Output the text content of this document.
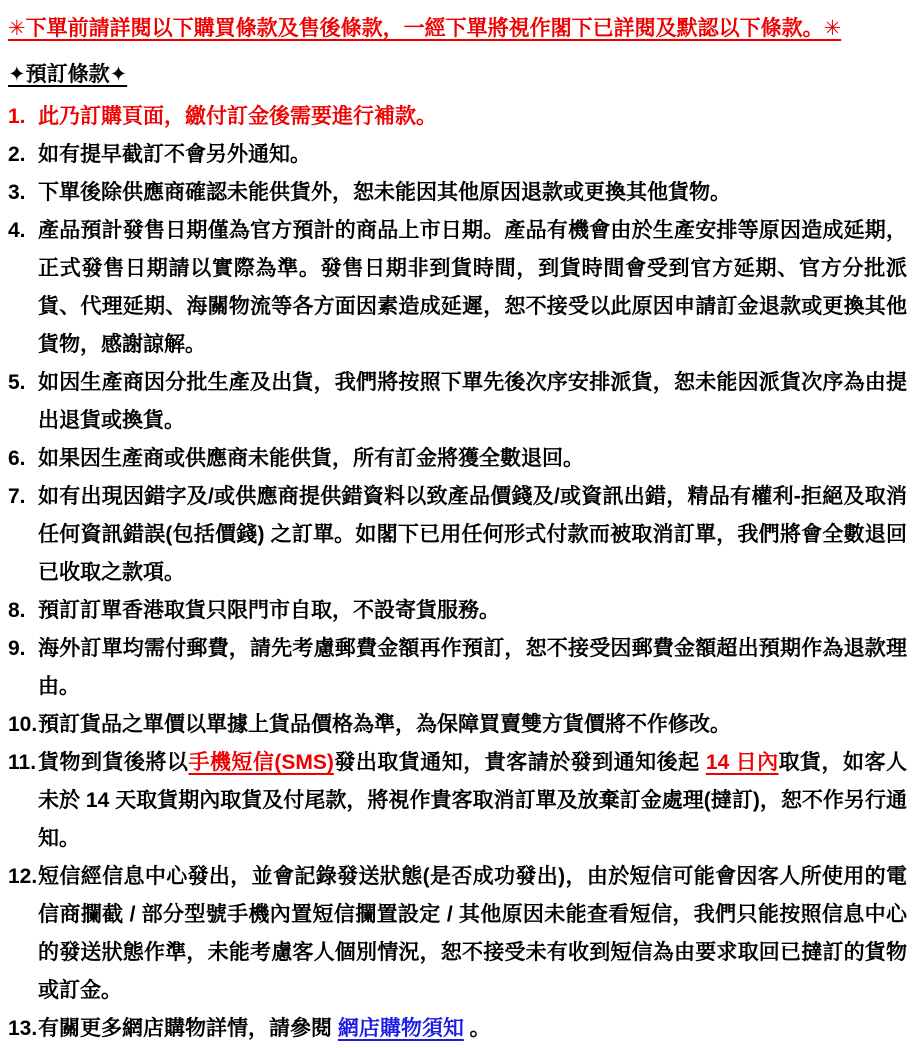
✳下單前請詳閱以下購買條款及售後條款，一經下單將視作閣下已詳閱及默認以下條款。✳

✦預訂條款✦

1. 此乃訂購頁面，繳付訂金後需要進行補款。
2. 如有提早截訂不會另外通知。
3. 下單後除供應商確認未能供貨外，恕未能因其他原因退款或更換其他貨物。
4. 產品預計發售日期僅為官方預計的商品上市日期。產品有機會由於生產安排等原因造成延期，正式發售日期請以實際為準。發售日期非到貨時間，到貨時間會受到官方延期、官方分批派貨、代理延期、海關物流等各方面因素造成延遲，恕不接受以此原因申請訂金退款或更換其他貨物，感謝諒解。
5. 如因生產商因分批生產及出貨，我們將按照下單先後次序安排派貨，恕未能因派貨次序為由提出退貨或換貨。
6. 如果因生產商或供應商未能供貨，所有訂金將獲全數退回。
7. 如有出現因錯字及/或供應商提供錯資料以致產品價錢及/或資訊出錯，精品有權利-拒絕及取消任何資訊錯誤(包括價錢) 之訂單。如閣下已用任何形式付款而被取消訂單，我們將會全數退回已收取之款項。
8. 預訂訂單香港取貨只限門市自取，不設寄貨服務。
9. 海外訂單均需付郵費，請先考慮郵費金額再作預訂，恕不接受因郵費金額超出預期作為退款理由。
10. 預訂貨品之單價以單據上貨品價格為準，為保障買賣雙方貨價將不作修改。
11. 貨物到貨後將以手機短信(SMS)發出取貨通知，貴客請於發到通知後起 14 日內取貨，如客人未於 14 天取貨期內取貨及付尾款，將視作貴客取消訂單及放棄訂金處理(撻訂)，恕不作另行通知。
12. 短信經信息中心發出，並會記錄發送狀態(是否成功發出)，由於短信可能會因客人所使用的電信商攔截 / 部分型號手機內置短信攔置設定 / 其他原因未能查看短信，我們只能按照信息中心的發送狀態作準，未能考慮客人個別情況，恕不接受未有收到短信為由要求取回已撻訂的貨物或訂金。
13. 有關更多網店購物詳情，請參閱 網店購物須知 。
